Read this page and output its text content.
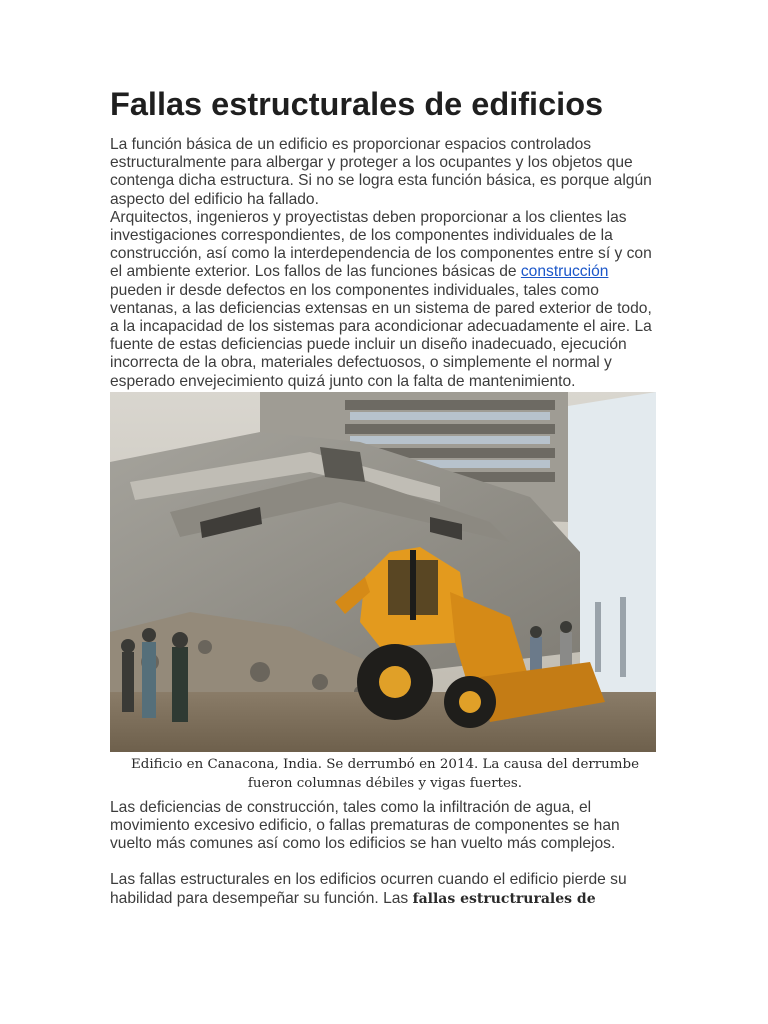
Fallas estructurales de edificios

La función básica de un edificio es proporcionar espacios controlados estructuralmente para albergar y proteger a los ocupantes y los objetos que contenga dicha estructura. Si no se logra esta función básica, es porque algún aspecto del edificio ha fallado.
Arquitectos, ingenieros y proyectistas deben proporcionar a los clientes las investigaciones correspondientes, de los componentes individuales de la construcción, así como la interdependencia de los componentes entre sí y con el ambiente exterior. Los fallos de las funciones básicas de construcción pueden ir desde defectos en los componentes individuales, tales como ventanas, a las deficiencias extensas en un sistema de pared exterior de todo, a la incapacidad de los sistemas para acondicionar adecuadamente el aire. La fuente de estas deficiencias puede incluir un diseño inadecuado, ejecución incorrecta de la obra, materiales defectuosos, o simplemente el normal y esperado envejecimiento quizá junto con la falta de mantenimiento.

Edificio en Canacona, India. Se derrumbó en 2014. La causa del derrumbe fueron columnas débiles y vigas fuertes.

Las deficiencias de construcción, tales como la infiltración de agua, el movimiento excesivo edificio, o fallas prematuras de componentes se han vuelto más comunes así como los edificios se han vuelto más complejos.

Las fallas estructurales en los edificios ocurren cuando el edificio pierde su habilidad para desempeñar su función. Las fallas estructrurales de
